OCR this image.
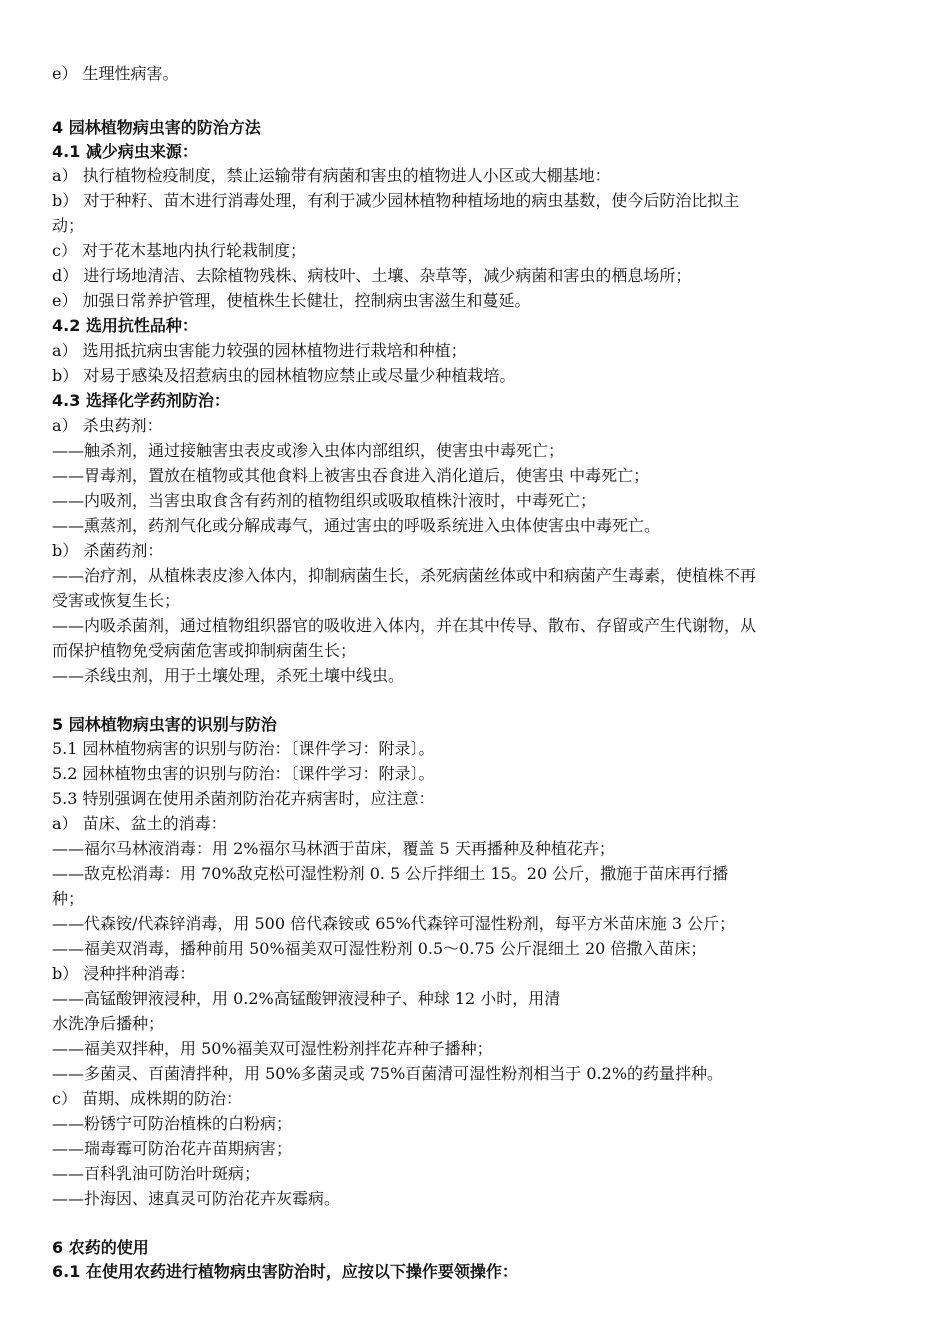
e） 生理性病害。
4 园林植物病虫害的防治方法
4.1 减少病虫来源：
a） 执行植物检疫制度，禁止运输带有病菌和害虫的植物进人小区或大棚基地：
b） 对于种籽、苗木进行消毒处理，有利于减少园林植物种植场地的病虫基数，使今后防治比拟主
动；
c） 对于花木基地内执行轮栽制度；
d） 进行场地清洁、去除植物残株、病枝叶、土壤、杂草等，减少病菌和害虫的栖息场所；
e） 加强日常养护管理，使植株生长健壮，控制病虫害滋生和蔓延。
4.2 选用抗性品种：
a） 选用抵抗病虫害能力较强的园林植物进行栽培和种植；
b） 对易于感染及招惹病虫的园林植物应禁止或尽量少种植栽培。
4.3 选择化学药剂防治：
a） 杀虫药剂：
——触杀剂，通过接触害虫表皮或渗入虫体内部组织，使害虫中毒死亡；
——胃毒剂，置放在植物或其他食料上被害虫吞食进入消化道后，使害虫 中毒死亡；
——内吸剂，当害虫取食含有药剂的植物组织或吸取植株汁液时，中毒死亡；
——熏蒸剂，药剂气化或分解成毒气，通过害虫的呼吸系统进入虫体使害虫中毒死亡。
b） 杀菌药剂：
——治疗剂，从植株表皮渗入体内，抑制病菌生长，杀死病菌丝体或中和病菌产生毒素，使植株不再
受害或恢复生长；
——内吸杀菌剂，通过植物组织器官的吸收进入体内，并在其中传导、散布、存留或产生代谢物，从
而保护植物免受病菌危害或抑制病菌生长；
——杀线虫剂，用于土壤处理，杀死土壤中线虫。
5 园林植物病虫害的识别与防治
5.1 园林植物病害的识别与防治：〔课件学习：附录〕。
5.2 园林植物虫害的识别与防治：〔课件学习：附录〕。
5.3 特别强调在使用杀菌剂防治花卉病害时，应注意：
a） 苗床、盆土的消毒：
——福尔马林液消毒：用 2%福尔马林洒于苗床，覆盖 5 天再播种及种植花卉；
——敌克松消毒：用 70%敌克松可湿性粉剂 0. 5 公斤拌细土 15。20 公斤，撒施于苗床再行播
种；
——代森铵/代森锌消毒，用 500 倍代森铵或 65%代森锌可湿性粉剂，每平方米苗床施 3 公斤；
——福美双消毒，播种前用 50%福美双可湿性粉剂 0.5～0.75 公斤混细土 20 倍撒入苗床；
b） 浸种拌种消毒：
——高锰酸钾液浸种，用 0.2%高锰酸钾液浸种子、种球 12 小时，用清
水洗净后播种；
——福美双拌种，用 50%福美双可湿性粉剂拌花卉种子播种；
——多菌灵、百菌清拌种，用 50%多菌灵或 75%百菌清可湿性粉剂相当于 0.2%的药量拌种。
c） 苗期、成株期的防治：
——粉锈宁可防治植株的白粉病；
——瑞毒霉可防治花卉苗期病害；
——百科乳油可防治叶斑病；
——扑海因、速真灵可防治花卉灰霉病。
6 农药的使用
6.1 在使用农药进行植物病虫害防治时，应按以下操作要领操作：
